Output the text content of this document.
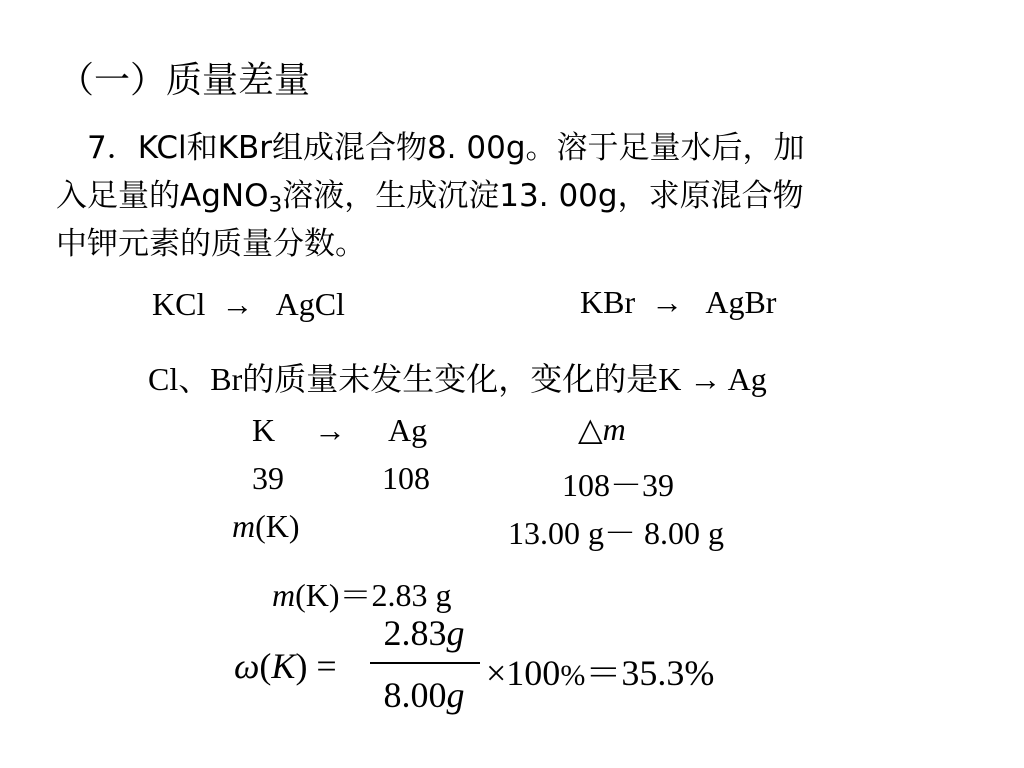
（一）质量差量
　7．KCl和KBr组成混合物8. 00g。溶于足量水后，加
入足量的AgNO$_3$溶液，生成沉淀13. 00g，求原混合物
中钾元素的质量分数。
KCl  →   AgCl	KBr  →   AgBr
Cl、Br的质量未发生变化，变化的是K → Ag
K → Ag	△m
39	108	108－39
m(K)	13.00 g－ 8.00 g
m(K)＝2.83 g
ω(K) =
2.83g
8.00g
×100%＝35.3%
